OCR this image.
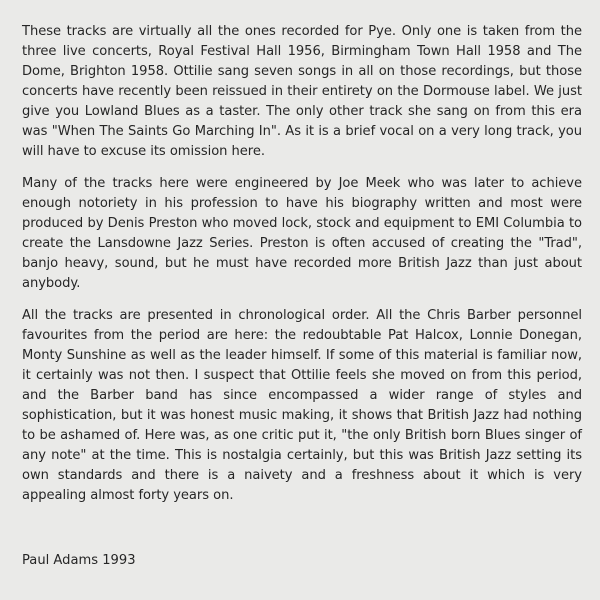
These tracks are virtually all the ones recorded for Pye. Only one is taken from the three live concerts, Royal Festival Hall 1956, Birmingham Town Hall 1958 and The Dome, Brighton 1958. Ottilie sang seven songs in all on those recordings, but those concerts have recently been reissued in their entirety on the Dormouse label. We just give you Lowland Blues as a taster. The only other track she sang on from this era was "When The Saints Go Marching In". As it is a brief vocal on a very long track, you will have to excuse its omission here.

Many of the tracks here were engineered by Joe Meek who was later to achieve enough notoriety in his profession to have his biography written and most were produced by Denis Preston who moved lock, stock and equipment to EMI Columbia to create the Lansdowne Jazz Series. Preston is often accused of creating the "Trad", banjo heavy, sound, but he must have recorded more British Jazz than just about anybody.

All the tracks are presented in chronological order. All the Chris Barber personnel favourites from the period are here: the redoubtable Pat Halcox, Lonnie Donegan, Monty Sunshine as well as the leader himself. If some of this material is familiar now, it certainly was not then. I suspect that Ottilie feels she moved on from this period, and the Barber band has since encompassed a wider range of styles and sophistication, but it was honest music making, it shows that British Jazz had nothing to be ashamed of. Here was, as one critic put it, "the only British born Blues singer of any note" at the time. This is nostalgia certainly, but this was British Jazz setting its own standards and there is a naivety and a freshness about it which is very appealing almost forty years on.

Paul Adams 1993
